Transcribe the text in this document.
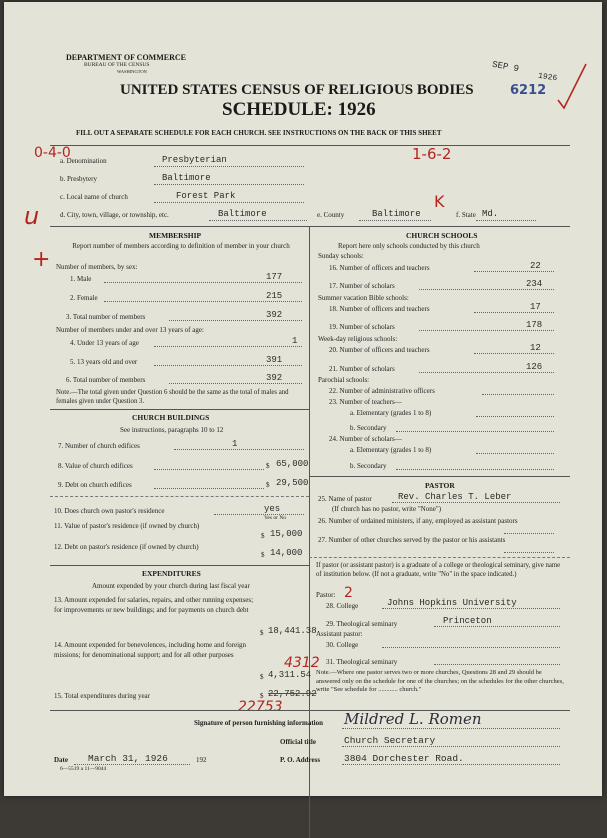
DEPARTMENT OF COMMERCE
BUREAU OF THE CENSUS
WASHINGTON
UNITED STATES CENSUS OF RELIGIOUS BODIES
SCHEDULE: 1926
FILL OUT A SEPARATE SCHEDULE FOR EACH CHURCH. SEE INSTRUCTIONS ON THE BACK OF THIS SHEET
SEP 9
1926
6212
0-4-0
u
+
1-6-2
a. Denomination	Presbyterian
b. Presbytery	Baltimore
c. Local name of church	Forest Park
d. City, town, village, or township, etc.	Baltimore	e. County	Baltimore	f. State Md.
K
MEMBERSHIP
Report number of members according to definition of member in your church
Number of members, by sex:
1. Male	177
2. Female	215
3. Total number of members	392
Number of members under and over 13 years of age:
4. Under 13 years of age	1
5. 13 years old and over	391
6. Total number of members	392
Note.—The total given under Question 6 should be the same as the total of males and females given under Question 3.
CHURCH BUILDINGS
See instructions, paragraphs 10 to 12
7. Number of church edifices	1
8. Value of church edifices	$ 65,000
9. Debt on church edifices	$ 29,500
10. Does church own pastor's residence	yes
Yes or No
11. Value of pastor's residence (if owned by church)
$ 15,000
12. Debt on pastor's residence (if owned by church)
$ 14,000
EXPENDITURES
Amount expended by your church during last fiscal year
13. Amount expended for salaries, repairs, and other running expenses; for improvements or new buildings; and for payments on church debt
$ 18,441.38
14. Amount expended for benevolences, including home and foreign missions; for denominational support; and for all other purposes
$ 4,311.54
4312
15. Total expenditures during year	$ 22,752.92
22753
CHURCH SCHOOLS
Report here only schools conducted by this church
Sunday schools:
16. Number of officers and teachers	22
17. Number of scholars	234
Summer vacation Bible schools:
18. Number of officers and teachers	17
19. Number of scholars	178
Week-day religious schools:
20. Number of officers and teachers	12
21. Number of scholars	126
Parochial schools:
22. Number of administrative officers
23. Number of teachers—
a. Elementary (grades 1 to 8)
b. Secondary
24. Number of scholars—
a. Elementary (grades 1 to 8)
b. Secondary
PASTOR
25. Name of pastor	Rev. Charles T. Leber
(If church has no pastor, write "None")
26. Number of ordained ministers, if any, employed as assistant pastors
27. Number of other churches served by the pastor or his assistants
If pastor (or assistant pastor) is a graduate of a college or theological seminary, give name of institution below. (If not a graduate, write "No" in the space indicated.)
Pastor: 2
28. College	Johns Hopkins University
29. Theological seminary	Princeton
Assistant pastor:
30. College
31. Theological seminary
Note.—Where one pastor serves two or more churches, Questions 28 and 29 should be answered only on the schedule for one of the churches; on the schedules for the other churches, write "See schedule for ............ church."
Signature of person furnishing information Mildred L. Romen
Official title	Church Secretary
Date March 31, 1926	192	P. O. Address	3804 Dorchester Road.
6—5519 a 11—9044
